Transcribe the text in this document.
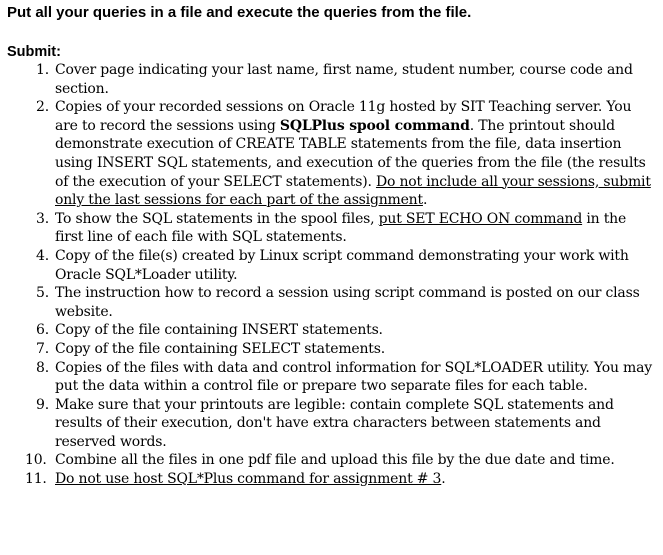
Put all your queries in a file and execute the queries from the file.
Submit:
1. Cover page indicating your last name, first name, student number, course code and section.
2. Copies of your recorded sessions on Oracle 11g hosted by SIT Teaching server. You are to record the sessions using SQLPlus spool command. The printout should demonstrate execution of CREATE TABLE statements from the file, data insertion using INSERT SQL statements, and execution of the queries from the file (the results of the execution of your SELECT statements). Do not include all your sessions, submit only the last sessions for each part of the assignment.
3. To show the SQL statements in the spool files, put SET ECHO ON command in the first line of each file with SQL statements.
4. Copy of the file(s) created by Linux script command demonstrating your work with Oracle SQL*Loader utility.
5. The instruction how to record a session using script command is posted on our class website.
6. Copy of the file containing INSERT statements.
7. Copy of the file containing SELECT statements.
8. Copies of the files with data and control information for SQL*LOADER utility. You may put the data within a control file or prepare two separate files for each table.
9. Make sure that your printouts are legible: contain complete SQL statements and results of their execution, don't have extra characters between statements and reserved words.
10. Combine all the files in one pdf file and upload this file by the due date and time.
11. Do not use host SQL*Plus command for assignment # 3.
